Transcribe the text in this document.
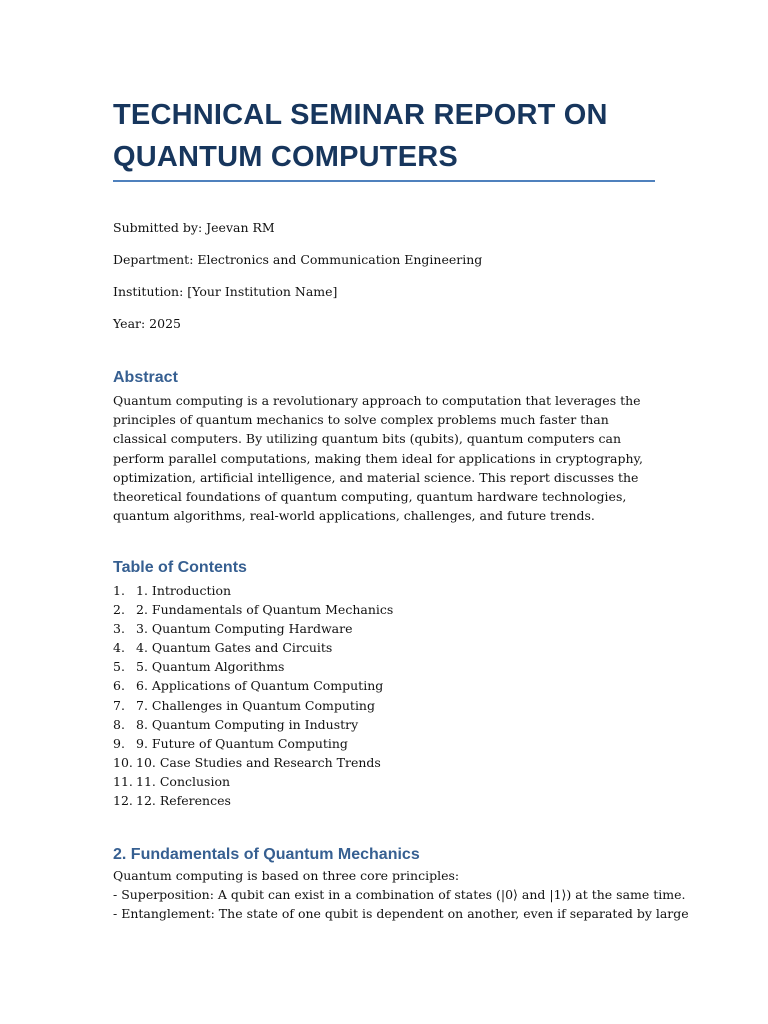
TECHNICAL SEMINAR REPORT ON QUANTUM COMPUTERS
Submitted by: Jeevan RM
Department: Electronics and Communication Engineering
Institution: [Your Institution Name]
Year: 2025
Abstract

Quantum computing is a revolutionary approach to computation that leverages the principles of quantum mechanics to solve complex problems much faster than classical computers. By utilizing quantum bits (qubits), quantum computers can perform parallel computations, making them ideal for applications in cryptography, optimization, artificial intelligence, and material science. This report discusses the theoretical foundations of quantum computing, quantum hardware technologies, quantum algorithms, real-world applications, challenges, and future trends.

Table of Contents
1. 1. Introduction
2. 2. Fundamentals of Quantum Mechanics
3. 3. Quantum Computing Hardware
4. 4. Quantum Gates and Circuits
5. 5. Quantum Algorithms
6. 6. Applications of Quantum Computing
7. 7. Challenges in Quantum Computing
8. 8. Quantum Computing in Industry
9. 9. Future of Quantum Computing
10. 10. Case Studies and Research Trends
11. 11. Conclusion
12. 12. References
2. Fundamentals of Quantum Mechanics
Quantum computing is based on three core principles:
- Superposition: A qubit can exist in a combination of states (|0⟩ and |1⟩) at the same time.
- Entanglement: The state of one qubit is dependent on another, even if separated by large
